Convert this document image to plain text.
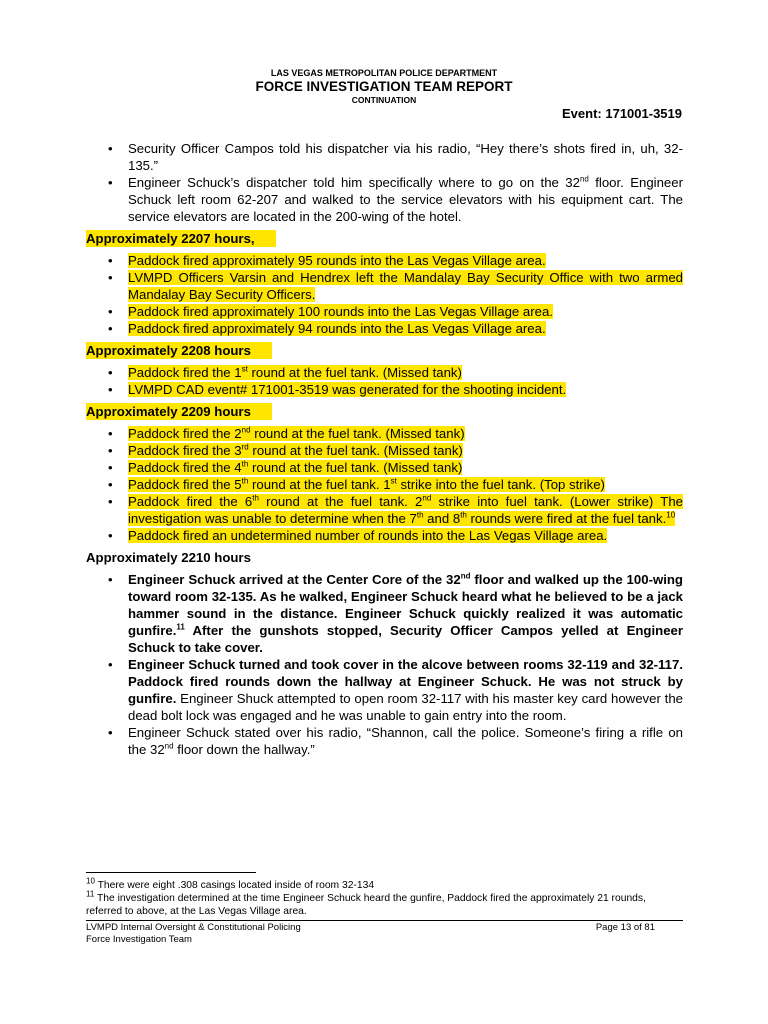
LAS VEGAS METROPOLITAN POLICE DEPARTMENT
FORCE INVESTIGATION TEAM REPORT
CONTINUATION
Event: 171001-3519
• Security Officer Campos told his dispatcher via his radio, “Hey there’s shots fired in, uh, 32-135.”
• Engineer Schuck’s dispatcher told him specifically where to go on the 32nd floor. Engineer Schuck left room 62-207 and walked to the service elevators with his equipment cart. The service elevators are located in the 200-wing of the hotel.
Approximately 2207 hours,
• Paddock fired approximately 95 rounds into the Las Vegas Village area.
• LVMPD Officers Varsin and Hendrex left the Mandalay Bay Security Office with two armed Mandalay Bay Security Officers.
• Paddock fired approximately 100 rounds into the Las Vegas Village area.
• Paddock fired approximately 94 rounds into the Las Vegas Village area.
Approximately 2208 hours
• Paddock fired the 1st round at the fuel tank. (Missed tank)
• LVMPD CAD event# 171001-3519 was generated for the shooting incident.
Approximately 2209 hours
• Paddock fired the 2nd round at the fuel tank. (Missed tank)
• Paddock fired the 3rd round at the fuel tank. (Missed tank)
• Paddock fired the 4th round at the fuel tank. (Missed tank)
• Paddock fired the 5th round at the fuel tank. 1st strike into the fuel tank. (Top strike)
• Paddock fired the 6th round at the fuel tank. 2nd strike into fuel tank. (Lower strike) The investigation was unable to determine when the 7th and 8th rounds were fired at the fuel tank.$^{10}$
• Paddock fired an undetermined number of rounds into the Las Vegas Village area.
Approximately 2210 hours
• Engineer Schuck arrived at the Center Core of the 32nd floor and walked up the 100-wing toward room 32-135. As he walked, Engineer Schuck heard what he believed to be a jack hammer sound in the distance. Engineer Schuck quickly realized it was automatic gunfire.$^{11}$ After the gunshots stopped, Security Officer Campos yelled at Engineer Schuck to take cover.
• Engineer Schuck turned and took cover in the alcove between rooms 32-119 and 32-117. Paddock fired rounds down the hallway at Engineer Schuck. He was not struck by gunfire. Engineer Shuck attempted to open room 32-117 with his master key card however the dead bolt lock was engaged and he was unable to gain entry into the room.
• Engineer Schuck stated over his radio, “Shannon, call the police. Someone’s firing a rifle on the 32nd floor down the hallway.”
$^{10}$ There were eight .308 casings located inside of room 32-134
$^{11}$ The investigation determined at the time Engineer Schuck heard the gunfire, Paddock fired the approximately 21 rounds, referred to above, at the Las Vegas Village area.
LVMPD Internal Oversight & Constitutional Policing
Force Investigation Team
Page 13 of 81
